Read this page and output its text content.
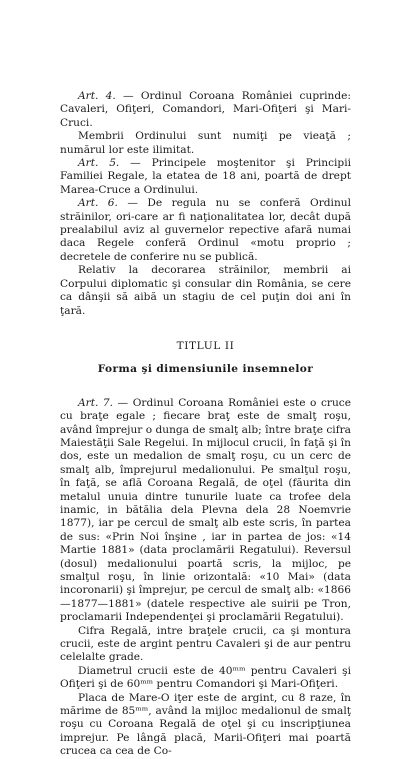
Art. 4. — Ordinul Coroana României cuprinde: Cavaleri, Ofiţeri, Comandori, Mari-Ofiţeri şi Mari-Cruci.

Membrii Ordinului sunt numiţi pe vieaţă ; numărul lor este ilimitat.

Art. 5. — Principele moştenitor şi Principii Familiei Regale, la etatea de 18 ani, poartă de drept Marea-Cruce a Ordinului.

Art. 6. — De regula nu se conferă Ordinul străinilor, ori-care ar fi naţionalitatea lor, decât după prealabilul aviz al guvernelor repective afară numai daca Regele conferă Ordinul «motu proprio ; decretele de conferire nu se publică.

Relativ la decorarea străinilor, membrii ai Corpului diplomatic şi consular din România, se cere ca dânşii să aibă un stagiu de cel puţin doi ani în ţară.

TITLUL II

Forma şi dimensiunile insemnelor

Art. 7. — Ordinul Coroana României este o cruce cu braţe egale ; fiecare braţ este de smalţ roşu, având împrejur o dunga de smalţ alb; între braţe cifra Maiestăţii Sale Regelui. In mijlocul crucii, în faţă şi în dos, este un medalion de smalţ roşu, cu un cerc de smalţ alb, împrejurul medalionului. Pe smalţul roşu, în faţă, se află Coroana Regală, de oţel (făurita din metalul unuia dintre tunurile luate ca trofee dela inamic, in bătălia dela Plevna dela 28 Noemvrie 1877), iar pe cercul de smalţ alb este scris, în partea de sus: «Prin Noi înşine , iar in partea de jos: «14 Martie 1881» (data proclamării Regatului). Reversul (dosul) medalionului poartă scris, la mijloc, pe smalţul roşu, în linie orizontală: «10 Mai» (data incoronarii) şi împrejur, pe cercul de smalţ alb: «1866—1877—1881» (datele respective ale suirii pe Tron, proclamarii Independenţei şi proclamării Regatului).

Cifra Regală, intre braţele crucii, ca şi montura crucii, este de argint pentru Cavaleri şi de aur pentru celelalte grade.

Diametrul crucii este de 40ᵐᵐ pentru Cavaleri şi Ofiţeri şi de 60ᵐᵐ pentru Comandori şi Mari-Ofiţeri.

Placa de Mare-O iţer este de argint, cu 8 raze, în mărime de 85ᵐᵐ, având la mijloc medalionul de smalţ roşu cu Coroana Regală de oţel şi cu inscripţiunea imprejur. Pe lângă placă, Marii-Ofiţeri mai poartă crucea ca cea de Co-
